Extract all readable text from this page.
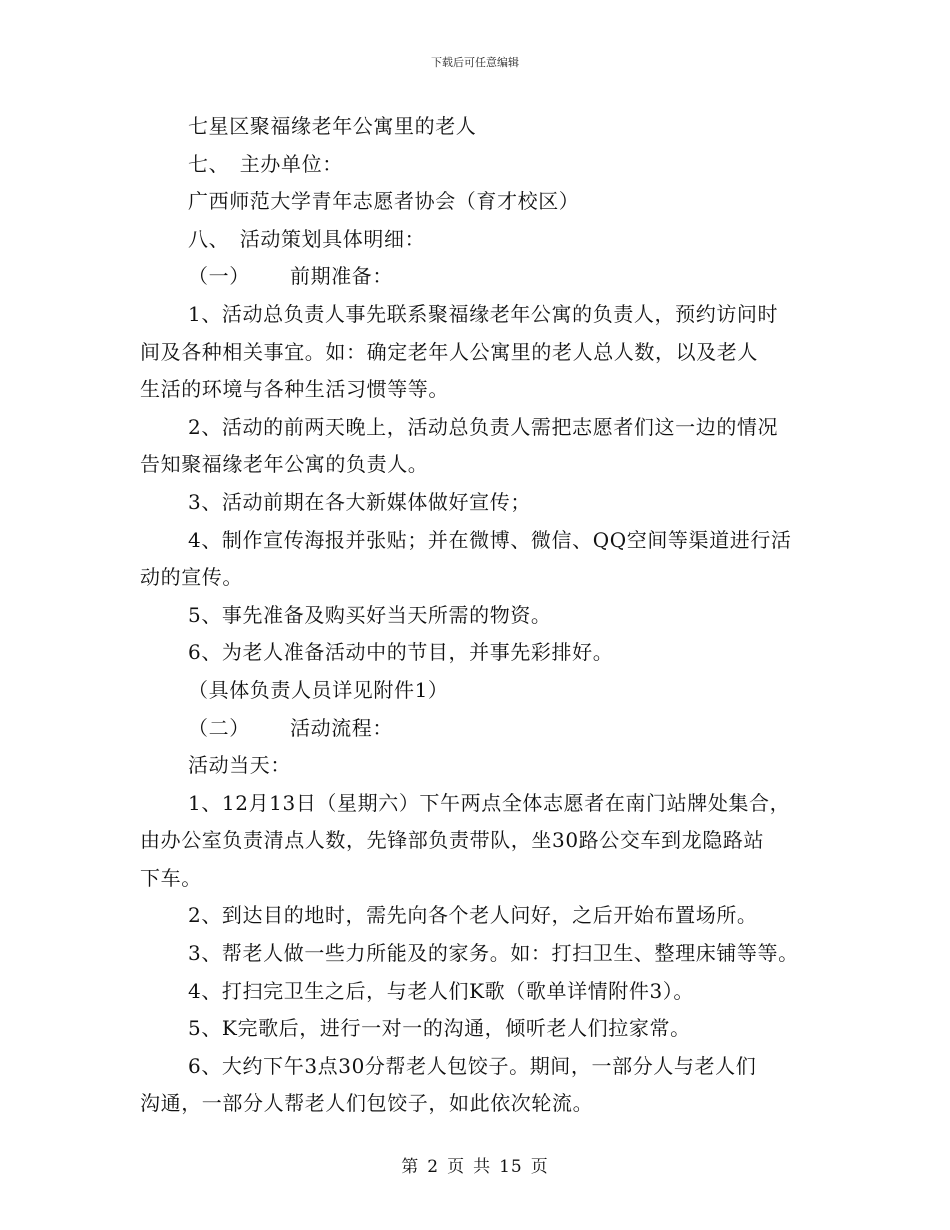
下载后可任意编辑
七星区聚福缘老年公寓里的老人
七、　主办单位：
广西师范大学青年志愿者协会（育才校区）
八、　活动策划具体明细：
（一） 前期准备：
1、活动总负责人事先联系聚福缘老年公寓的负责人，预约访问时
间及各种相关事宜。如：确定老年人公寓里的老人总人数，以及老人
生活的环境与各种生活习惯等等。
2、活动的前两天晚上，活动总负责人需把志愿者们这一边的情况
告知聚福缘老年公寓的负责人。
3、活动前期在各大新媒体做好宣传；
4、制作宣传海报并张贴；并在微博、微信、QQ空间等渠道进行活
动的宣传。
5、事先准备及购买好当天所需的物资。
6、为老人准备活动中的节目，并事先彩排好。
（具体负责人员详见附件1）
（二） 活动流程：
活动当天：
1、12月13日（星期六）下午两点全体志愿者在南门站牌处集合，
由办公室负责清点人数，先锋部负责带队，坐30路公交车到龙隐路站
下车。
2、到达目的地时，需先向各个老人问好，之后开始布置场所。
3、帮老人做一些力所能及的家务。如：打扫卫生、整理床铺等等。
4、打扫完卫生之后，与老人们K歌（歌单详情附件3）。
5、K完歌后，进行一对一的沟通，倾听老人们拉家常。
6、大约下午3点30分帮老人包饺子。期间，一部分人与老人们
沟通，一部分人帮老人们包饺子，如此依次轮流。
第 2 页 共 15 页
